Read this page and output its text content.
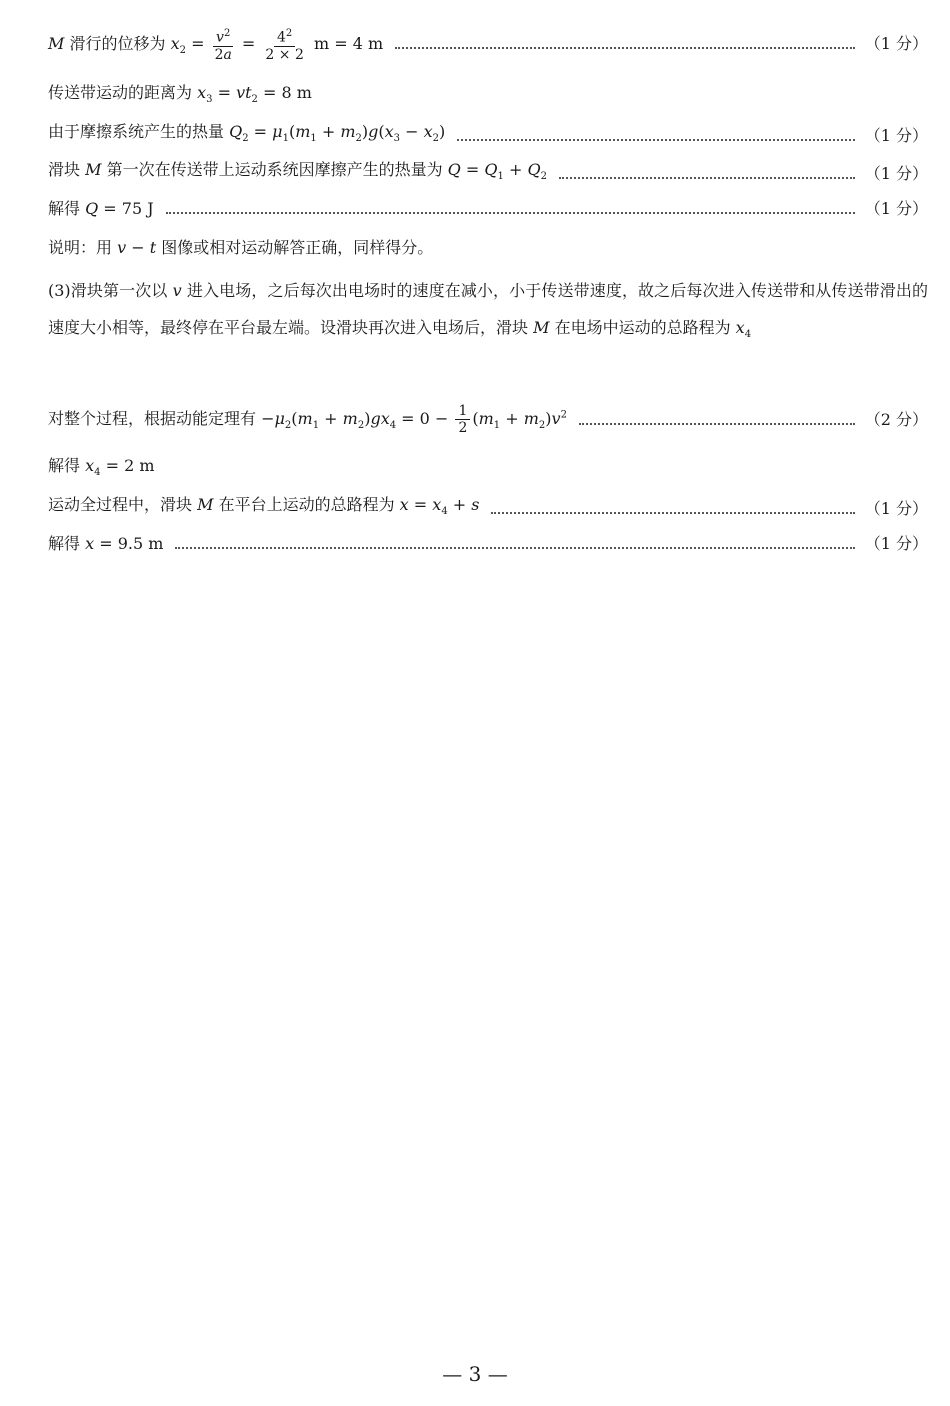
M 滑行的位移为 $x_2 = \frac{v^2}{2a} = \frac{4^2}{2 \times 2}$ m = 4 m	（1 分）
传送带运动的距离为 $x_3 = vt_2 = 8$ m
由于摩擦系统产生的热量 $Q_2 = \mu_1(m_1 + m_2)g(x_3 - x_2)$	（1 分）
滑块 M 第一次在传送带上运动系统因摩擦产生的热量为 $Q = Q_1 + Q_2$	（1 分）
解得 Q = 75 J	（1 分）
说明：用 v − t 图像或相对运动解答正确，同样得分。
(3)滑块第一次以 v 进入电场，之后每次出电场时的速度在减小，小于传送带速度，故之后每次进入传送带和从传送带滑出的速度大小相等，最终停在平台最左端。设滑块再次进入电场后，滑块 M 在电场中运动的总路程为 $x_4$
对整个过程，根据动能定理有 $-\mu_2(m_1 + m_2)gx_4 = 0 - \frac{1}{2} (m_1 + m_2)v^2$	（2 分）
解得 $x_4 = 2$ m
运动全过程中，滑块 M 在平台上运动的总路程为 $x = x_4 + s$	（1 分）
解得 x = 9.5 m	（1 分）
— 3 —
